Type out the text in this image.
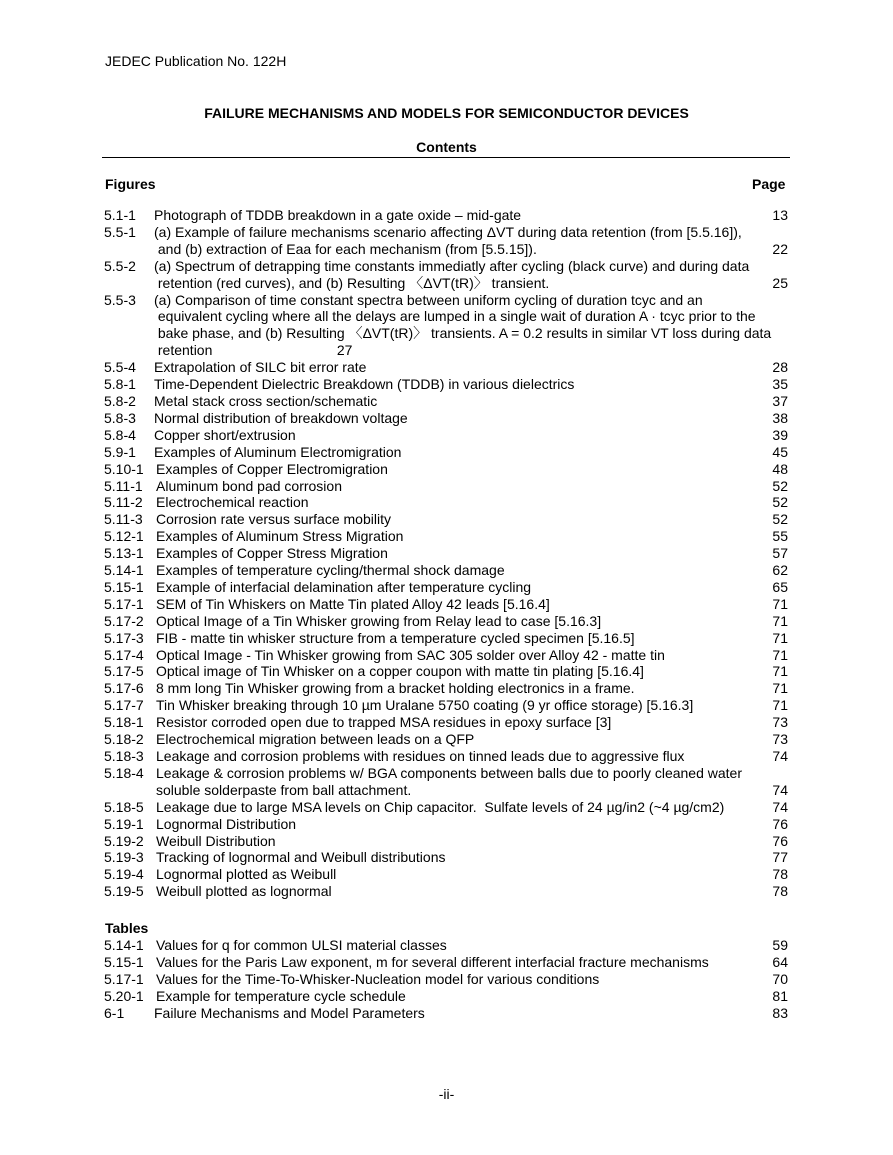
JEDEC Publication No. 122H
FAILURE MECHANISMS AND MODELS FOR SEMICONDUCTOR DEVICES
Contents
Figures	Page
5.1-1 Photograph of TDDB breakdown in a gate oxide – mid-gate	13
5.5-1 (a) Example of failure mechanisms scenario affecting ΔVT during data retention (from [5.5.16]),
and (b) extraction of Eaa for each mechanism (from [5.5.15]).	22
5.5-2 (a) Spectrum of detrapping time constants immediatly after cycling (black curve) and during data
retention (red curves), and (b) Resulting 〈ΔVT(tR)〉 transient.	25
5.5-3 (a) Comparison of time constant spectra between uniform cycling of duration tcyc and an
equivalent cycling where all the delays are lumped in a single wait of duration A · tcyc prior to the
bake phase, and (b) Resulting 〈ΔVT(tR)〉 transients. A = 0.2 results in similar VT loss during data
retention                                27
5.5-4 Extrapolation of SILC bit error rate	28
5.8-1 Time-Dependent Dielectric Breakdown (TDDB) in various dielectrics	35
5.8-2 Metal stack cross section/schematic	37
5.8-3 Normal distribution of breakdown voltage	38
5.8-4 Copper short/extrusion	39
5.9-1 Examples of Aluminum Electromigration	45
5.10-1 Examples of Copper Electromigration	48
5.11-1 Aluminum bond pad corrosion	52
5.11-2 Electrochemical reaction	52
5.11-3 Corrosion rate versus surface mobility	52
5.12-1 Examples of Aluminum Stress Migration	55
5.13-1 Examples of Copper Stress Migration	57
5.14-1 Examples of temperature cycling/thermal shock damage	62
5.15-1 Example of interfacial delamination after temperature cycling	65
5.17-1 SEM of Tin Whiskers on Matte Tin plated Alloy 42 leads [5.16.4]	71
5.17-2 Optical Image of a Tin Whisker growing from Relay lead to case [5.16.3]	71
5.17-3 FIB - matte tin whisker structure from a temperature cycled specimen [5.16.5]	71
5.17-4 Optical Image - Tin Whisker growing from SAC 305 solder over Alloy 42 - matte tin	71
5.17-5 Optical image of Tin Whisker on a copper coupon with matte tin plating [5.16.4]	71
5.17-6 8 mm long Tin Whisker growing from a bracket holding electronics in a frame.	71
5.17-7 Tin Whisker breaking through 10 µm Uralane 5750 coating (9 yr office storage) [5.16.3]	71
5.18-1 Resistor corroded open due to trapped MSA residues in epoxy surface [3]	73
5.18-2 Electrochemical migration between leads on a QFP	73
5.18-3 Leakage and corrosion problems with residues on tinned leads due to aggressive flux	74
5.18-4 Leakage & corrosion problems w/ BGA components between balls due to poorly cleaned water
soluble solderpaste from ball attachment.	74
5.18-5 Leakage due to large MSA levels on Chip capacitor.  Sulfate levels of 24 µg/in2 (~4 µg/cm2)	74
5.19-1 Lognormal Distribution	76
5.19-2 Weibull Distribution	76
5.19-3 Tracking of lognormal and Weibull distributions	77
5.19-4 Lognormal plotted as Weibull	78
5.19-5 Weibull plotted as lognormal	78
Tables
5.14-1 Values for q for common ULSI material classes	59
5.15-1 Values for the Paris Law exponent, m for several different interfacial fracture mechanisms	64
5.17-1 Values for the Time-To-Whisker-Nucleation model for various conditions	70
5.20-1 Example for temperature cycle schedule	81
6-1 Failure Mechanisms and Model Parameters	83
-ii-
